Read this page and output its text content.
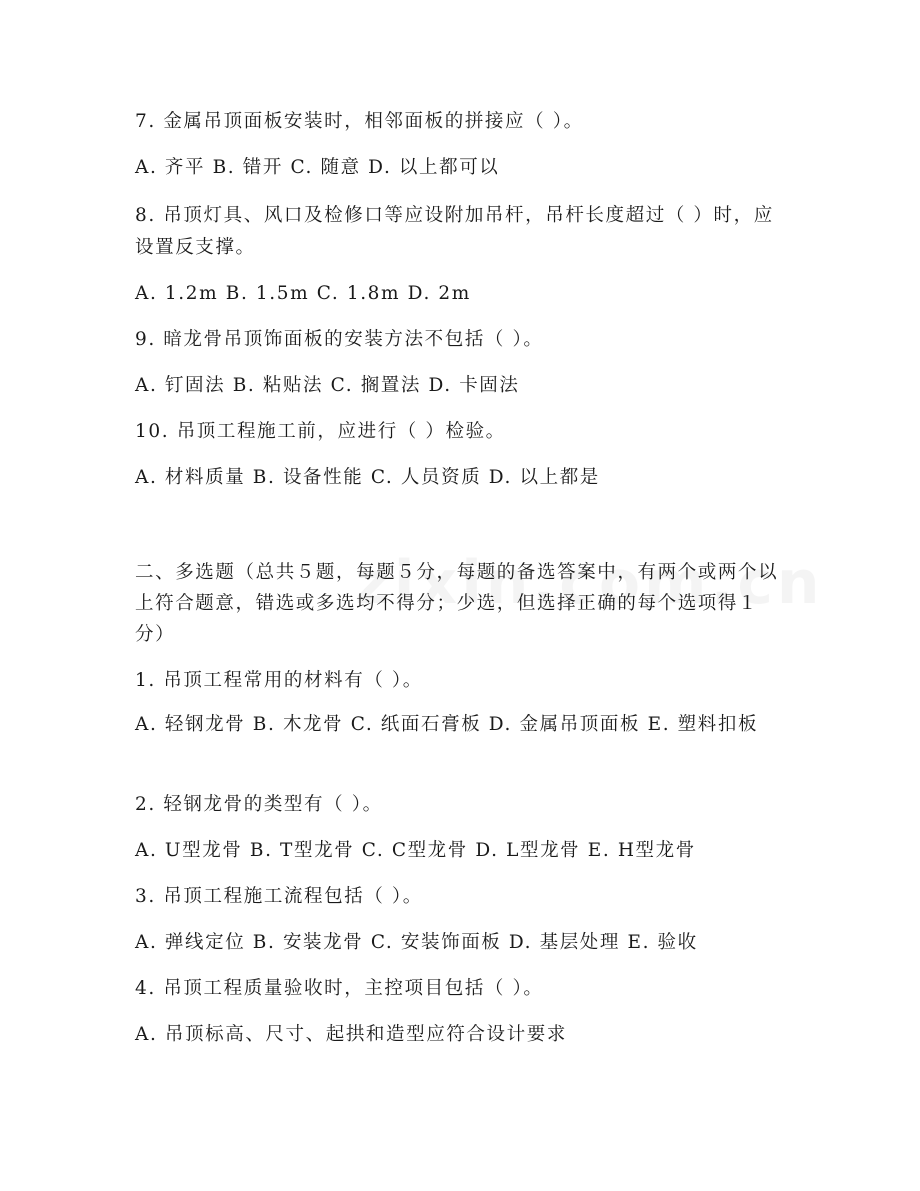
7. 金属吊顶面板安装时，相邻面板的拼接应（ ）。
A. 齐平 B. 错开 C. 随意 D. 以上都可以
8. 吊顶灯具、风口及检修口等应设附加吊杆，吊杆长度超过（ ）时，应设置反支撑。
A. 1.2m B. 1.5m C. 1.8m D. 2m
9. 暗龙骨吊顶饰面板的安装方法不包括（ ）。
A. 钉固法 B. 粘贴法 C. 搁置法 D. 卡固法
10. 吊顶工程施工前，应进行（ ）检验。
A. 材料质量 B. 设备性能 C. 人员资质 D. 以上都是
二、多选题（总共５题，每题５分，每题的备选答案中，有两个或两个以上符合题意，错选或多选均不得分；少选，但选择正确的每个选项得１分）
1. 吊顶工程常用的材料有（ ）。
A. 轻钢龙骨 B. 木龙骨 C. 纸面石膏板 D. 金属吊顶面板 E. 塑料扣板
2. 轻钢龙骨的类型有（ ）。
A. U型龙骨 B. T型龙骨 C. C型龙骨 D. L型龙骨 E. H型龙骨
3. 吊顶工程施工流程包括（ ）。
A. 弹线定位 B. 安装龙骨 C. 安装饰面板 D. 基层处理 E. 验收
4. 吊顶工程质量验收时，主控项目包括（ ）。
A. 吊顶标高、尺寸、起拱和造型应符合设计要求
